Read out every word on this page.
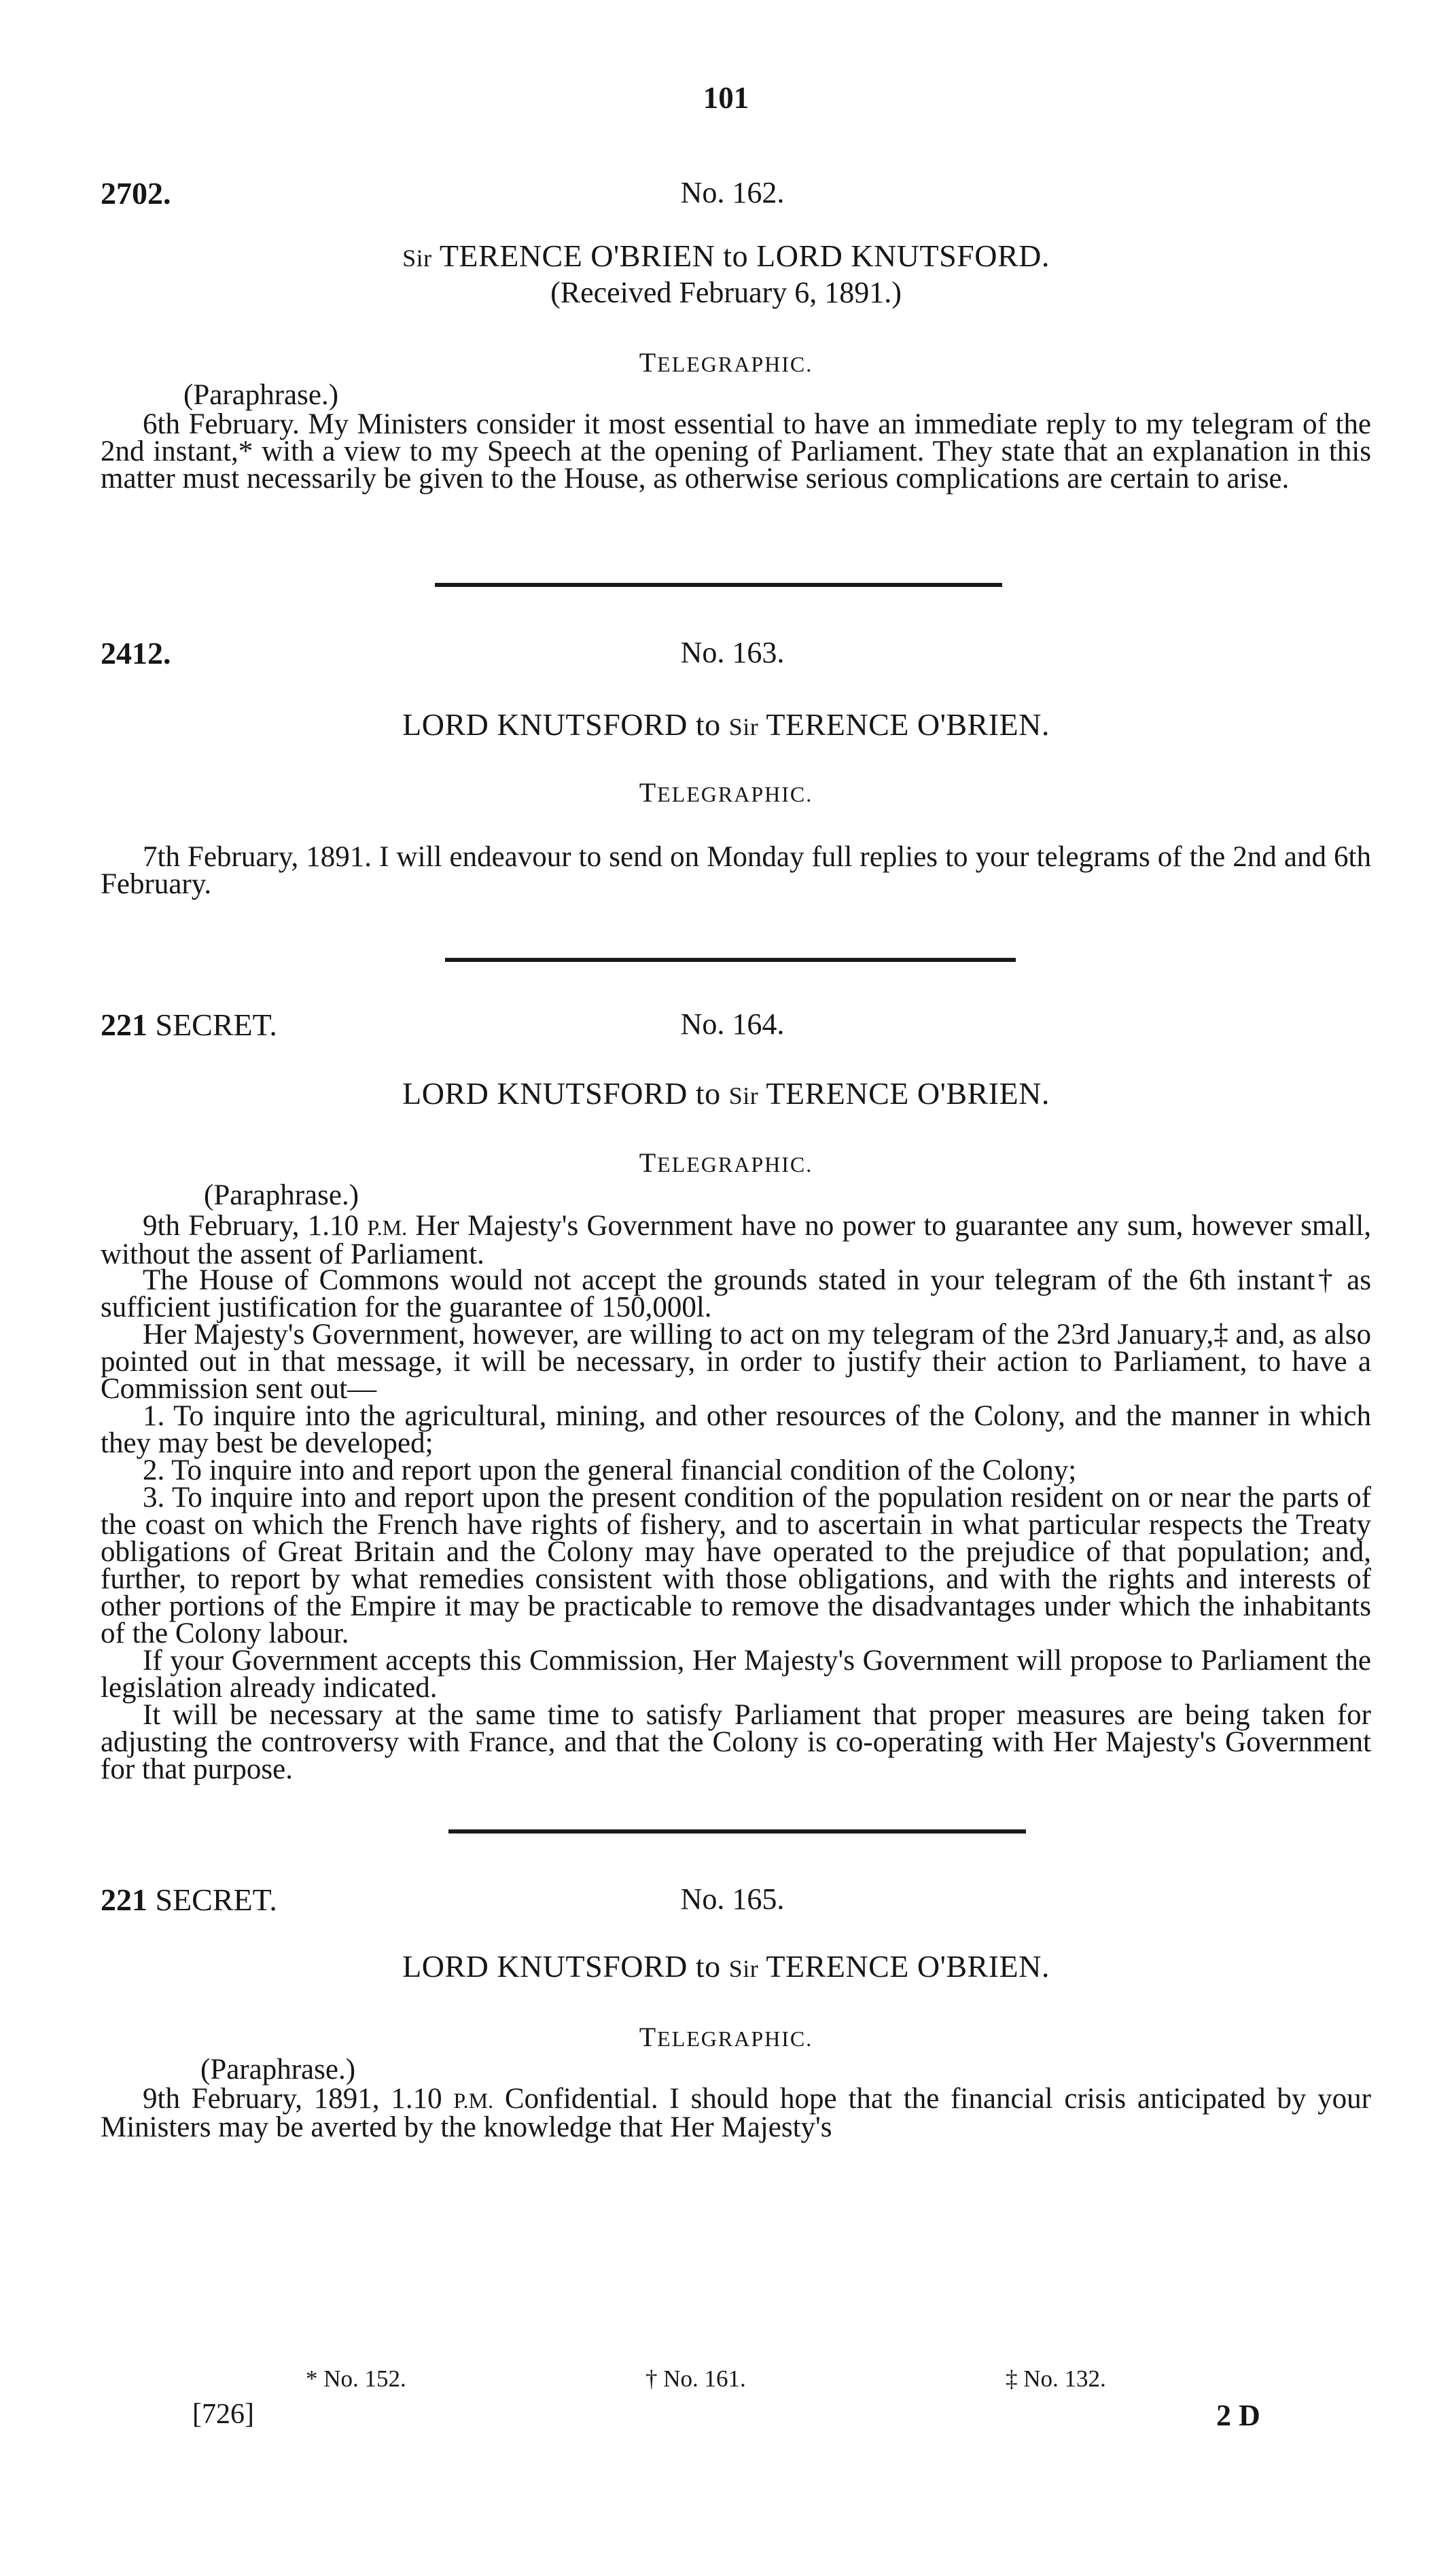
101
2702.	No. 162.
Sir TERENCE O'BRIEN to LORD KNUTSFORD.
(Received February 6, 1891.)
TELEGRAPHIC.
(Paraphrase.)

6th February. My Ministers consider it most essential to have an immediate reply to my telegram of the 2nd instant,* with a view to my Speech at the opening of Parliament. They state that an explanation in this matter must necessarily be given to the House, as otherwise serious complications are certain to arise.

2412.	No. 163.
LORD KNUTSFORD to Sir TERENCE O'BRIEN.
TELEGRAPHIC.

7th February, 1891. I will endeavour to send on Monday full replies to your telegrams of the 2nd and 6th February.

221 SECRET.	No. 164.
LORD KNUTSFORD to Sir TERENCE O'BRIEN.
TELEGRAPHIC.
(Paraphrase.)

9th February, 1.10 P.M. Her Majesty's Government have no power to guarantee any sum, however small, without the assent of Parliament.

The House of Commons would not accept the grounds stated in your telegram of the 6th instant† as sufficient justification for the guarantee of 150,000l.

Her Majesty's Government, however, are willing to act on my telegram of the 23rd January,‡ and, as also pointed out in that message, it will be necessary, in order to justify their action to Parliament, to have a Commission sent out—

1. To inquire into the agricultural, mining, and other resources of the Colony, and the manner in which they may best be developed;

2. To inquire into and report upon the general financial condition of the Colony;

3. To inquire into and report upon the present condition of the population resident on or near the parts of the coast on which the French have rights of fishery, and to ascertain in what particular respects the Treaty obligations of Great Britain and the Colony may have operated to the prejudice of that population; and, further, to report by what remedies consistent with those obligations, and with the rights and interests of other portions of the Empire it may be practicable to remove the disadvantages under which the inhabitants of the Colony labour.

If your Government accepts this Commission, Her Majesty's Government will propose to Parliament the legislation already indicated.

It will be necessary at the same time to satisfy Parliament that proper measures are being taken for adjusting the controversy with France, and that the Colony is co-operating with Her Majesty's Government for that purpose.

221 SECRET.	No. 165.
LORD KNUTSFORD to Sir TERENCE O'BRIEN.
TELEGRAPHIC.
(Paraphrase.)

9th February, 1891, 1.10 P.M. Confidential. I should hope that the financial crisis anticipated by your Ministers may be averted by the knowledge that Her Majesty's

* No. 152.	† No. 161.	‡ No. 132.
[726]	2 D
